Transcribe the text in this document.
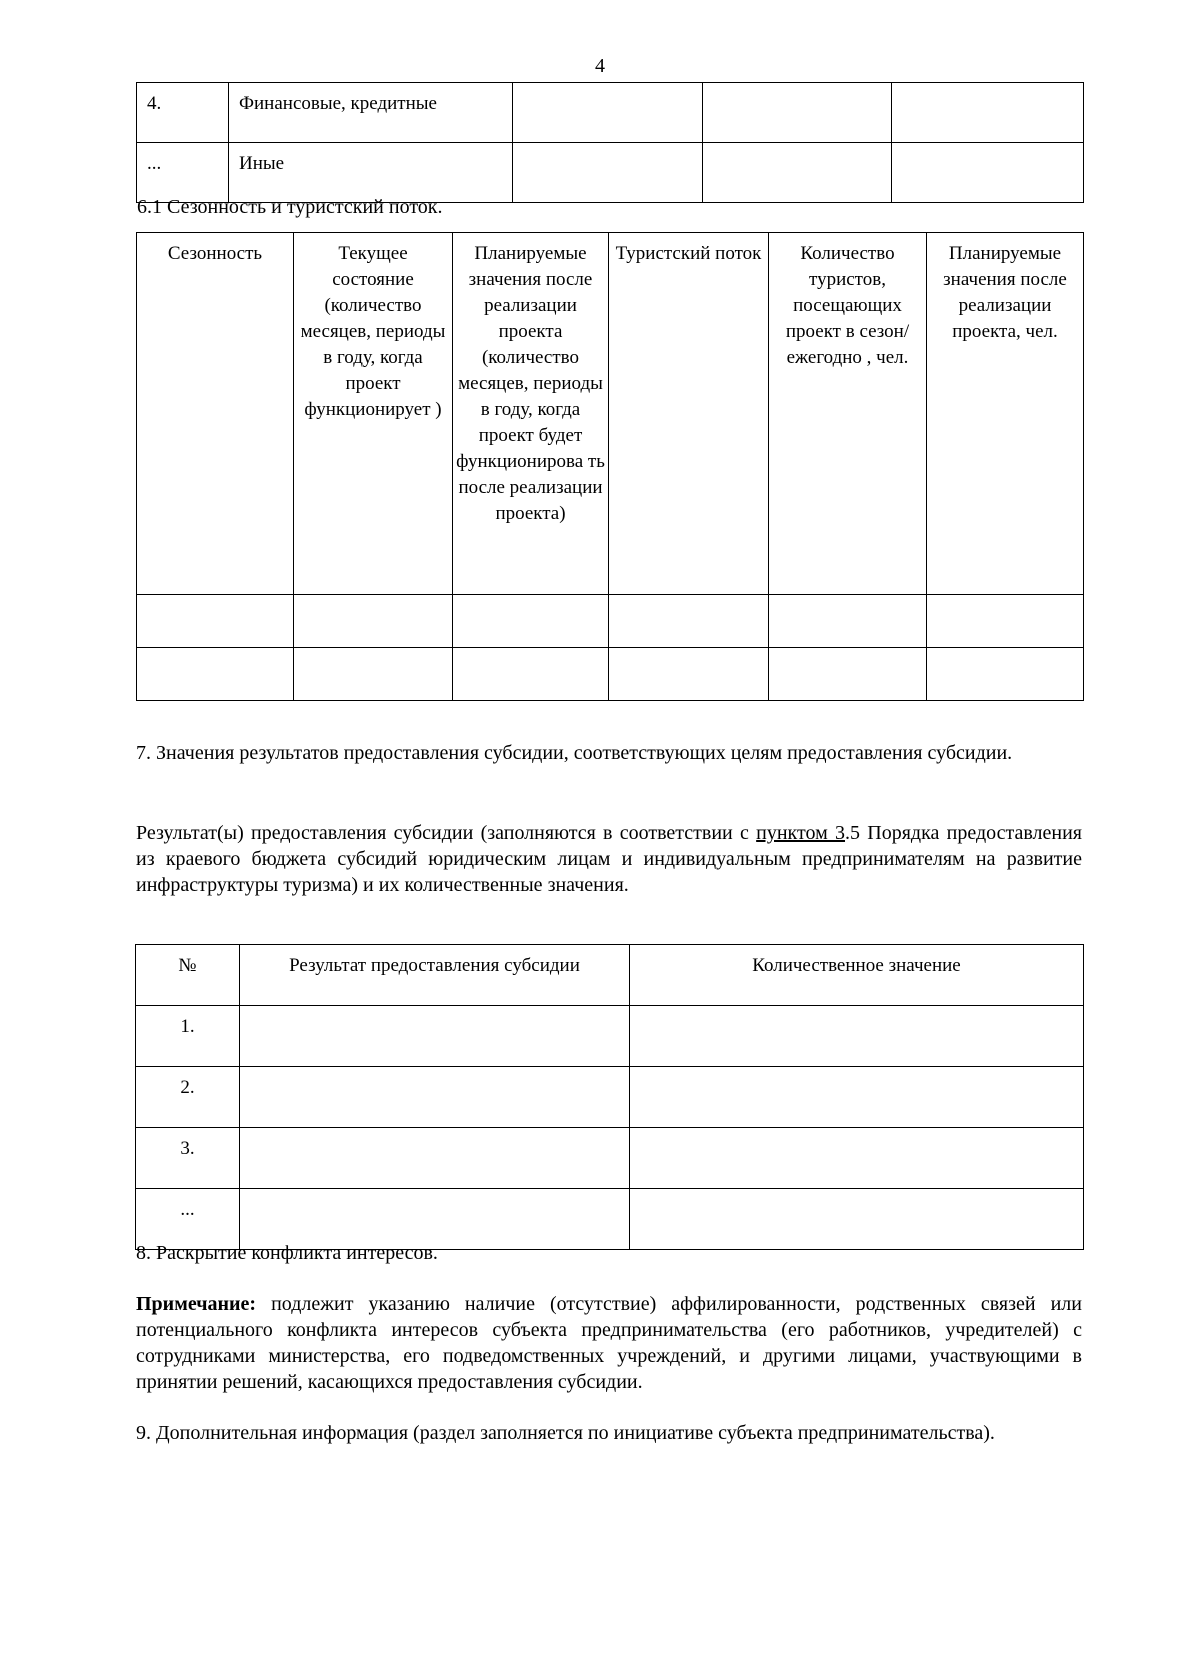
4
4.	Финансовые, кредитные			
...	Иные			
6.1 Сезонность и туристский поток.
Сезонность	Текущее состояние (количество месяцев, периоды в году, когда проект функционирует )	Планируемые значения после реализации проекта (количество месяцев, периоды в году, когда проект будет функционирова ть после реализации проекта)	Туристский поток	Количество туристов, посещающих проект в сезон/ежегодно , чел.	Планируемые значения после реализации проекта, чел.

7. Значения результатов предоставления субсидии, соответствующих целям предоставления субсидии.
Результат(ы) предоставления субсидии (заполняются в соответствии с пунктом 3.5 Порядка предоставления из краевого бюджета субсидий юридическим лицам и индивидуальным предпринимателям на развитие инфраструктуры туризма) и их количественные значения.
№	Результат предоставления субсидии	Количественное значение
1.		
2.		
3.		
...		
8. Раскрытие конфликта интересов.
Примечание: подлежит указанию наличие (отсутствие) аффилированности, родственных связей или потенциального конфликта интересов субъекта предпринимательства (его работников, учредителей) с сотрудниками министерства, его подведомственных учреждений, и другими лицами, участвующими в принятии решений, касающихся предоставления субсидии.
9. Дополнительная информация (раздел заполняется по инициативе субъекта предпринимательства).
